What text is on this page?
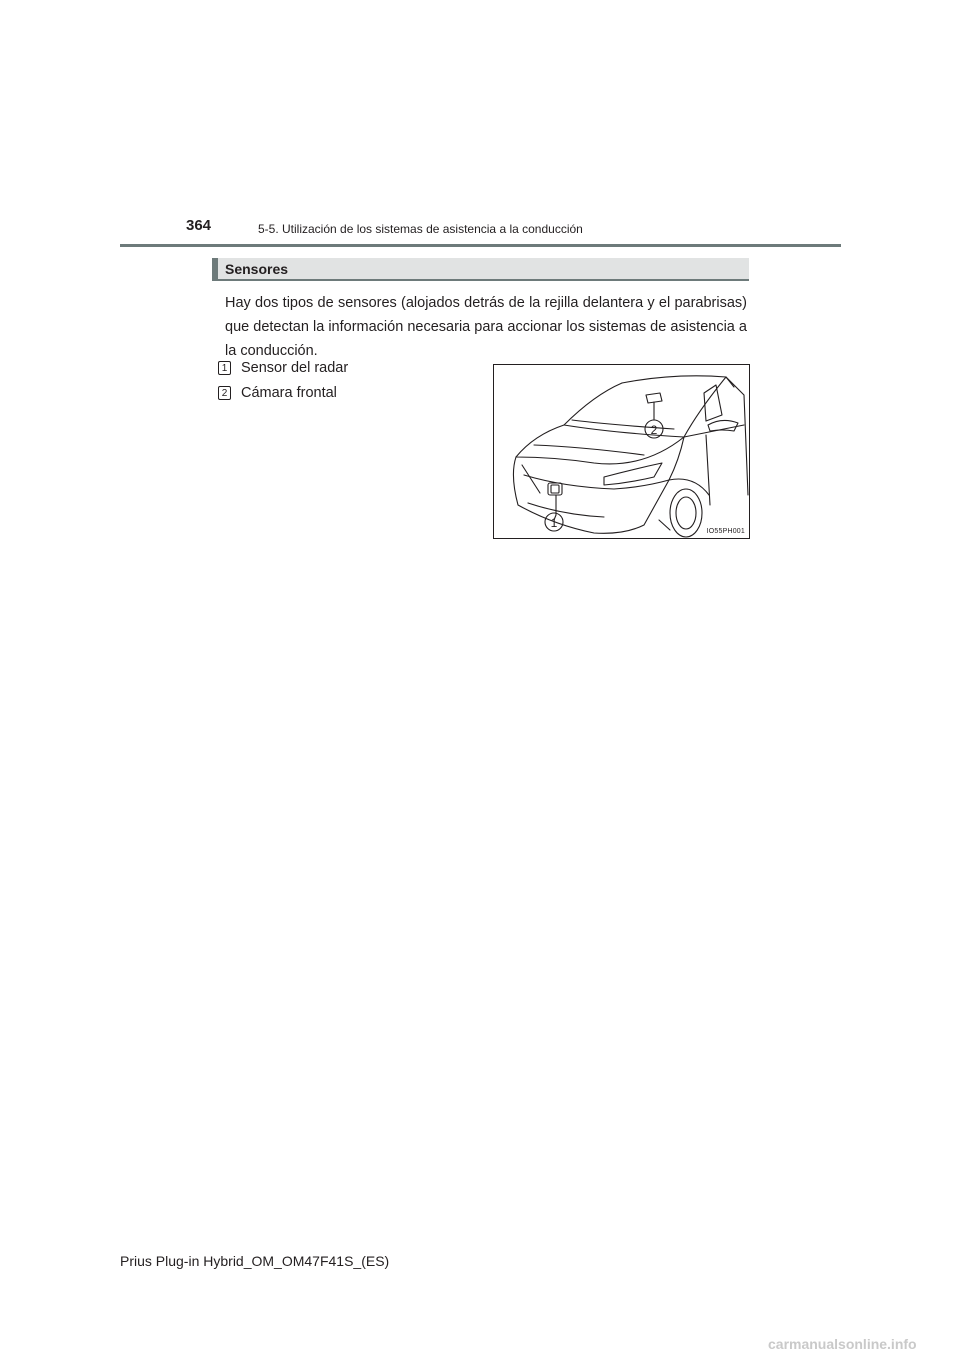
364	5-5. Utilización de los sistemas de asistencia a la conducción
Sensores

Hay dos tipos de sensores (alojados detrás de la rejilla delantera y el parabrisas) que detectan la información necesaria para accionar los sistemas de asistencia a la conducción.

1 Sensor del radar
2 Cámara frontal
2
1
IO55PH001
Prius Plug-in Hybrid_OM_OM47F41S_(ES)
carmanualsonline.info
